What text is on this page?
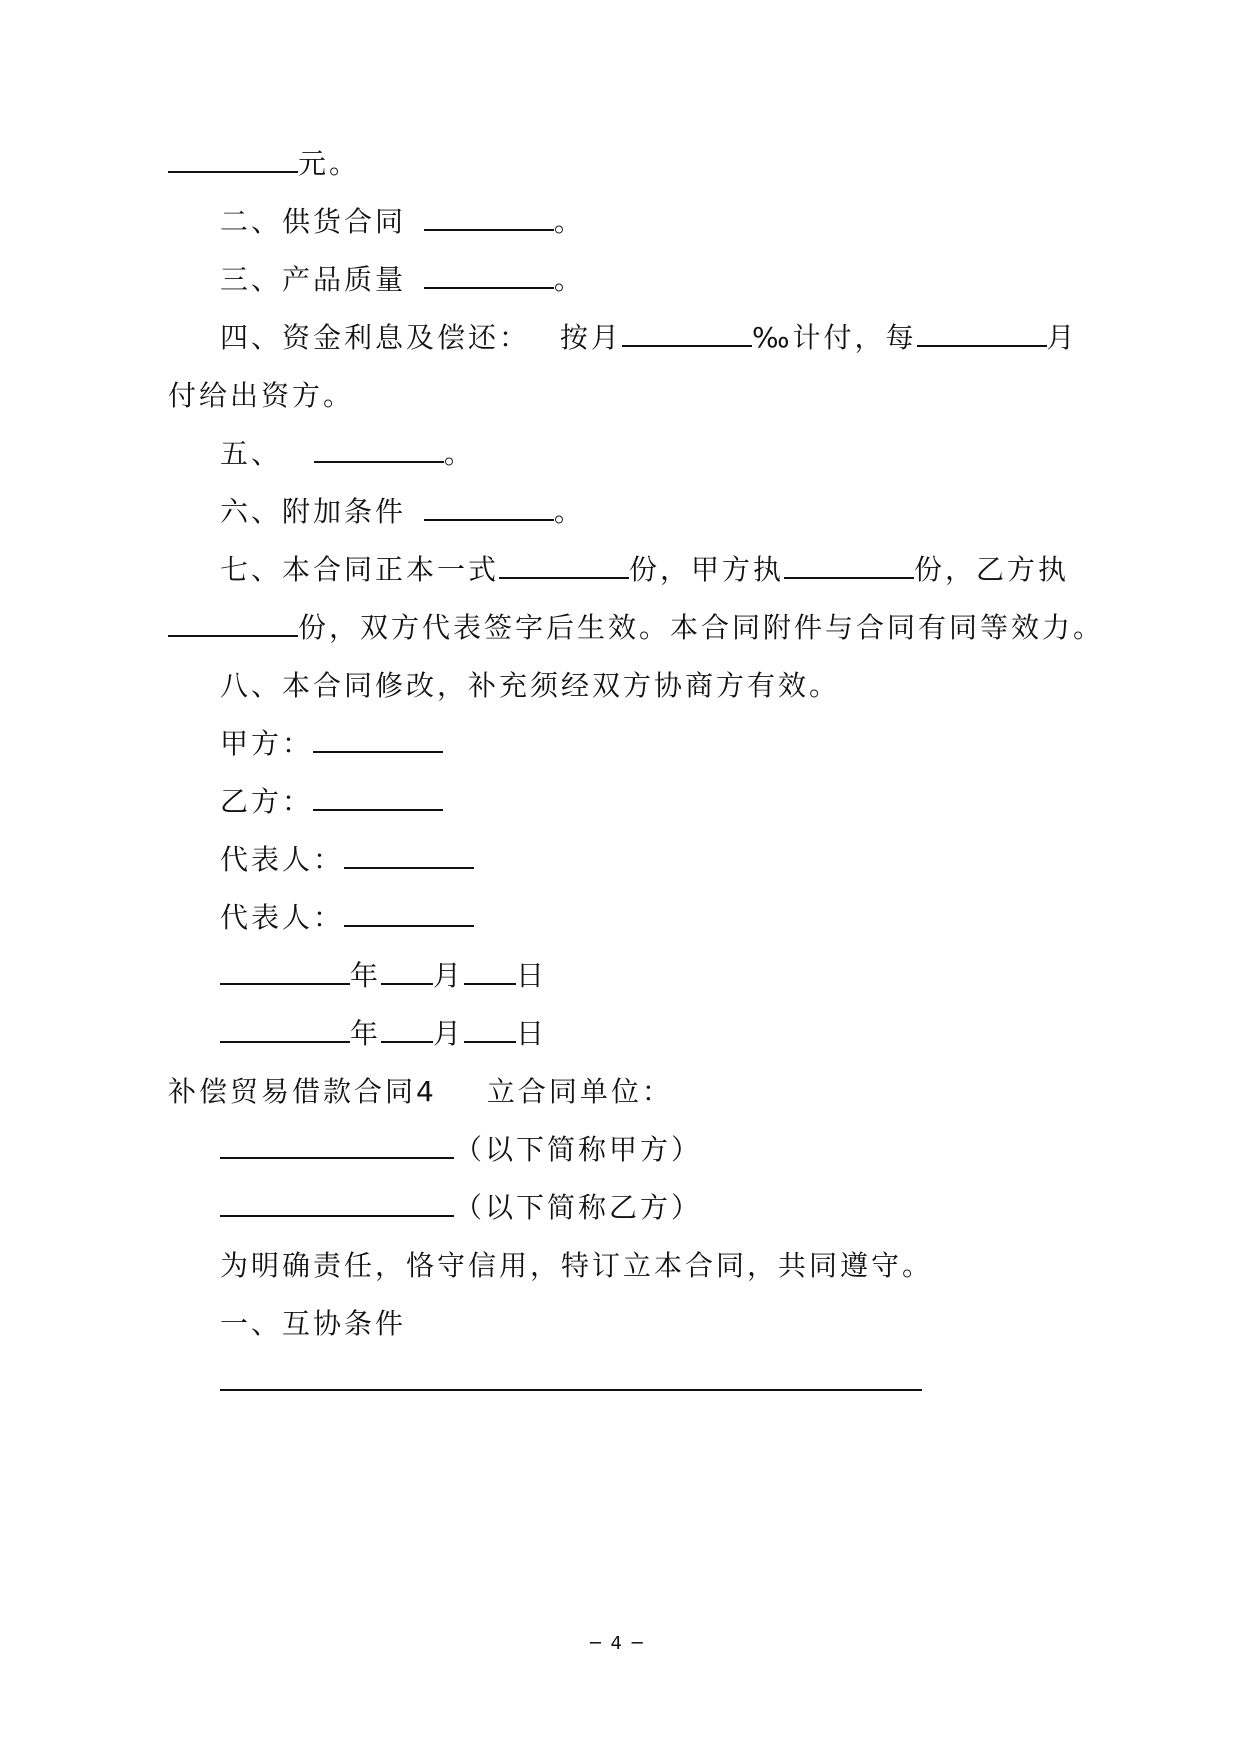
元。
二、供货合同	。
三、产品质量	。
四、资金利息及偿还： 按月	‰计付，每	月
付给出资方。
五、	。
六、附加条件	。
七、本合同正本一式	份，甲方执	份，乙方执
份，双方代表签字后生效。本合同附件与合同有同等效力。
八、本合同修改，补充须经双方协商方有效。
甲方：
乙方：
代表人：
代表人：
年 月 日
年 月 日
补偿贸易借款合同4 立合同单位：
（以下简称甲方）
（以下简称乙方）
为明确责任，恪守信用，特订立本合同，共同遵守。
一、互协条件
─ 4 ─
